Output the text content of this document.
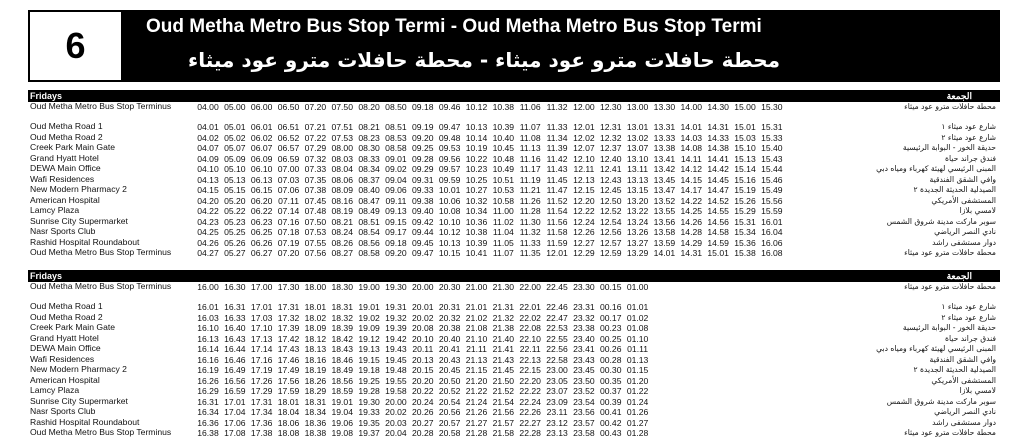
6	Oud Metha Metro Bus Stop Termi - Oud Metha Metro Bus Stop Termi
محطة حافلات مترو عود ميثاء - محطة حافلات مترو عود ميثاء
Fridays	الجمعة
Oud Metha Metro Bus Stop Terminus	04.00 05.00 06.00 06.50 07.20 07.50 08.20 08.50 09.18 09.46 10.12 10.38 11.06 11.32 12.00 12.30 13.00 13.30 14.00 14.30 15.00 15.30	محطة حافلات مترو عود ميثاء
Oud Metha Road 1	04.01 05.01 06.01 06.51 07.21 07.51 08.21 08.51 09.19 09.47 10.13 10.39 11.07 11.33 12.01 12.31 13.01 13.31 14.01 14.31 15.01 15.31	شارع عود ميثاء ١
Oud Metha Road 2	04.02 05.02 06.02 06.52 07.22 07.53 08.23 08.53 09.20 09.48 10.14 10.40 11.08 11.34 12.02 12.32 13.02 13.33 14.03 14.33 15.03 15.33	شارع عود ميثاء ٢
Creek Park Main Gate	04.07 05.07 06.07 06.57 07.29 08.00 08.30 08.58 09.25 09.53 10.19 10.45 11.13 11.39 12.07 12.37 13.07 13.38 14.08 14.38 15.10 15.40	حديقة الخور - البوابة الرئيسية
Grand Hyatt Hotel	04.09 05.09 06.09 06.59 07.32 08.03 08.33 09.01 09.28 09.56 10.22 10.48 11.16 11.42 12.10 12.40 13.10 13.41 14.11 14.41 15.13 15.43	فندق جراند حياة
DEWA Main Office	04.10 05.10 06.10 07.00 07.33 08.04 08.34 09.02 09.29 09.57 10.23 10.49 11.17 11.43 12.11 12.41 13.11 13.42 14.12 14.42 15.14 15.44	المبنى الرئيسي لهيئة كهرباء ومياه دبي
Wafi Residences	04.13 05.13 06.13 07.03 07.35 08.06 08.37 09.04 09.31 09.59 10.25 10.51 11.19 11.45 12.13 12.43 13.13 13.45 14.15 14.45 15.16 15.46	وافي الشقق الفندقية
New Modern Pharmacy 2	04.15 05.15 06.15 07.06 07.38 08.09 08.40 09.06 09.33 10.01 10.27 10.53 11.21 11.47 12.15 12.45 13.15 13.47 14.17 14.47 15.19 15.49	الصيدلية الحديثة الجديدة ٢
American Hospital	04.20 05.20 06.20 07.11 07.45 08.16 08.47 09.11 09.38 10.06 10.32 10.58 11.26 11.52 12.20 12.50 13.20 13.52 14.22 14.52 15.26 15.56	المستشفى الأمريكي
Lamcy Plaza	04.22 05.22 06.22 07.14 07.48 08.19 08.49 09.13 09.40 10.08 10.34 11.00 11.28 11.54 12.22 12.52 13.22 13.55 14.25 14.55 15.29 15.59	لامسي بلازا
Sunrise City Supermarket	04.23 05.23 06.23 07.16 07.50 08.21 08.51 09.15 09.42 10.10 10.36 11.02 11.30 11.56 12.24 12.54 13.24 13.56 14.26 14.56 15.31 16.01	سوبر ماركت مدينة شروق الشمس
Nasr Sports Club	04.25 05.25 06.25 07.18 07.53 08.24 08.54 09.17 09.44 10.12 10.38 11.04 11.32 11.58 12.26 12.56 13.26 13.58 14.28 14.58 15.34 16.04	نادي النصر الرياضي
Rashid Hospital Roundabout	04.26 05.26 06.26 07.19 07.55 08.26 08.56 09.18 09.45 10.13 10.39 11.05 11.33 11.59 12.27 12.57 13.27 13.59 14.29 14.59 15.36 16.06	دوار مستشفى راشد
Oud Metha Metro Bus Stop Terminus	04.27 05.27 06.27 07.20 07.56 08.27 08.58 09.20 09.47 10.15 10.41 11.07 11.35 12.01 12.29 12.59 13.29 14.01 14.31 15.01 15.38 16.08	محطة حافلات مترو عود ميثاء
Fridays	الجمعة
Oud Metha Metro Bus Stop Terminus	16.00 16.30 17.00 17.30 18.00 18.30 19.00 19.30 20.00 20.30 21.00 21.30 22.00 22.45 23.30 00.15 01.00	محطة حافلات مترو عود ميثاء
Oud Metha Road 1	16.01 16.31 17.01 17.31 18.01 18.31 19.01 19.31 20.01 20.31 21.01 21.31 22.01 22.46 23.31 00.16 01.01	شارع عود ميثاء ١
Oud Metha Road 2	16.03 16.33 17.03 17.32 18.02 18.32 19.02 19.32 20.02 20.32 21.02 21.32 22.02 22.47 23.32 00.17 01.02	شارع عود ميثاء ٢
Creek Park Main Gate	16.10 16.40 17.10 17.39 18.09 18.39 19.09 19.39 20.08 20.38 21.08 21.38 22.08 22.53 23.38 00.23 01.08	حديقة الخور - البوابة الرئيسية
Grand Hyatt Hotel	16.13 16.43 17.13 17.42 18.12 18.42 19.12 19.42 20.10 20.40 21.10 21.40 22.10 22.55 23.40 00.25 01.10	فندق جراند حياة
DEWA Main Office	16.14 16.44 17.14 17.43 18.13 18.43 19.13 19.43 20.11 20.41 21.11 21.41 22.11 22.56 23.41 00.26 01.11	المبنى الرئيسي لهيئة كهرباء ومياه دبي
Wafi Residences	16.16 16.46 17.16 17.46 18.16 18.46 19.15 19.45 20.13 20.43 21.13 21.43 22.13 22.58 23.43 00.28 01.13	وافي الشقق الفندقية
New Modern Pharmacy 2	16.19 16.49 17.19 17.49 18.19 18.49 19.18 19.48 20.15 20.45 21.15 21.45 22.15 23.00 23.45 00.30 01.15	الصيدلية الحديثة الجديدة ٢
American Hospital	16.26 16.56 17.26 17.56 18.26 18.56 19.25 19.55 20.20 20.50 21.20 21.50 22.20 23.05 23.50 00.35 01.20	المستشفى الأمريكي
Lamcy Plaza	16.29 16.59 17.29 17.59 18.29 18.59 19.28 19.58 20.22 20.52 21.22 21.52 22.22 23.07 23.52 00.37 01.22	لامسي بلازا
Sunrise City Supermarket	16.31 17.01 17.31 18.01 18.31 19.01 19.30 20.00 20.24 20.54 21.24 21.54 22.24 23.09 23.54 00.39 01.24	سوبر ماركت مدينة شروق الشمس
Nasr Sports Club	16.34 17.04 17.34 18.04 18.34 19.04 19.33 20.02 20.26 20.56 21.26 21.56 22.26 23.11 23.56 00.41 01.26	نادي النصر الرياضي
Rashid Hospital Roundabout	16.36 17.06 17.36 18.06 18.36 19.06 19.35 20.03 20.27 20.57 21.27 21.57 22.27 23.12 23.57 00.42 01.27	دوار مستشفى راشد
Oud Metha Metro Bus Stop Terminus	16.38 17.08 17.38 18.08 18.38 19.08 19.37 20.04 20.28 20.58 21.28 21.58 22.28 23.13 23.58 00.43 01.28	محطة حافلات مترو عود ميثاء
